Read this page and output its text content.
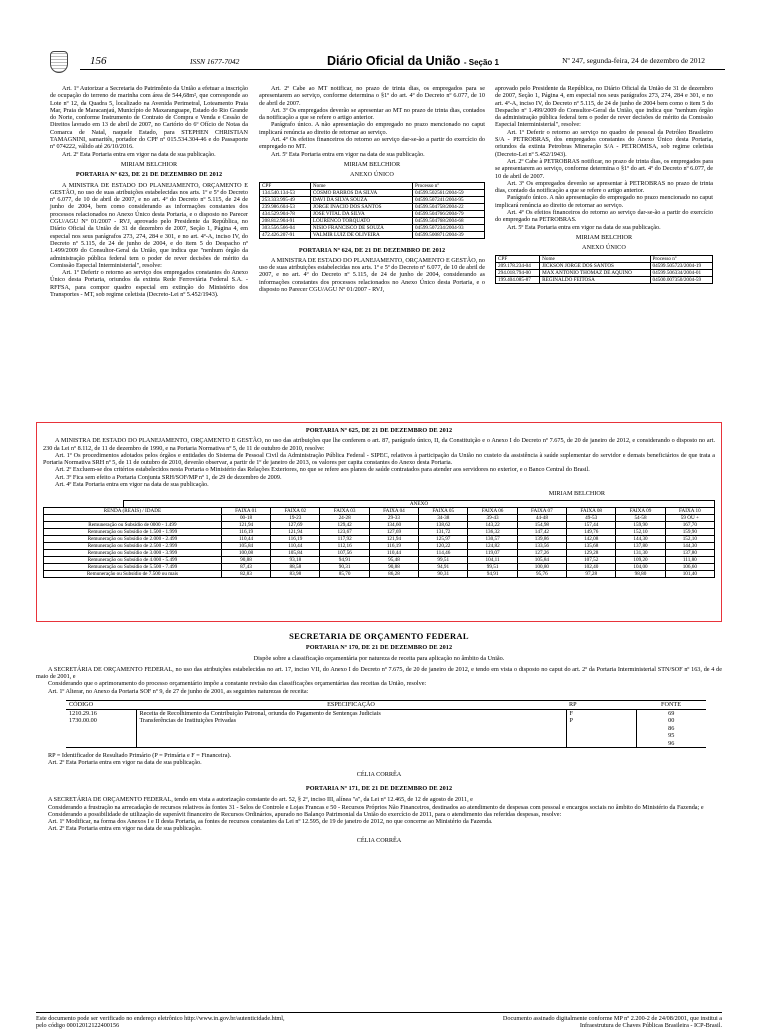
156	ISSN 1677-7042	Diário Oficial da União - Seção 1	Nº 247, segunda-feira, 24 de dezembro de 2012

Art. 1º Autorizar a Secretaria do Patrimônio da União a efetuar a inscrição de ocupação do terreno de marinha com área de 544,68m², que corresponde ao Lote nº 12, da Quadra 5, localizado na Avenida Perimetral, Loteamento Praia Mar, Praia de Maracanjaú, Município de Maxaranguape, Estado do Rio Grande do Norte, conforme Instrumento de Contrato de Compra e Venda e Cessão de Direitos lavrado em 13 de abril de 2007, no Cartório do 6º Ofício de Notas da Comarca de Natal, naquele Estado, para STEPHEN CHRISTIAN TAMAGNINI, samaritês, portador do CPF nº 015.534.304-46 e do Passaporte nº 074222, válido até 26/10/2016.

Art. 2º Esta Portaria entra em vigor na data de sua publicação.

MIRIAM BELCHIOR
PORTARIA Nº 623, DE 21 DE DEZEMBRO DE 2012

A MINISTRA DE ESTADO DO PLANEJAMENTO, ORÇAMENTO E GESTÃO, no uso de suas atribuições estabelecidas nos arts. 1º e 5º do Decreto nº 6.077, de 10 de abril de 2007, e no art. 4º do Decreto nº 5.115, de 24 de junho de 2004, bem como considerando as informações constantes dos processos relacionados no Anexo Único desta Portaria, e o disposto no Parecer CGU/AGU Nº 01/2007 - RVJ, aprovado pelo Presidente da República, no Diário Oficial da União de 31 de dezembro de 2007, Seção 1, Página 4, em especial nos seus parágrafos 273, 274, 284 e 301, e no art. 4º-A, inciso IV, do Decreto nº 5.115, de 24 de junho de 2004, e do item 5 do Despacho nº 1.499/2009 do Consultor-Geral da União, que indica que "nenhum órgão da administração pública federal tem o poder de rever decisões de mérito da Comissão Especial Interministerial", resolve:

Art. 1º Deferir o retorno ao serviço dos empregados constantes do Anexo Único desta Portaria, oriundos da extinta Rede Ferroviária Federal S.A. - RFFSA, para compor quadro especial em extinção do Ministério dos Transportes - MT, sob regime celetista (Decreto-Lei nº 5.452/1943).

Art. 2º Cabe ao MT notificar, no prazo de trinta dias, os empregados para se apresentarem ao serviço, conforme determina o §1º do art. 4º do Decreto nº 6.077, de 10 de abril de 2007.

Art. 3º Os empregados deverão se apresentar ao MT no prazo de trinta dias, contados da notificação a que se refere o artigo anterior.

Parágrafo único. A não apresentação do empregado no prazo mencionado no caput implicará renúncia ao direito de retornar ao serviço.

Art. 4º Os efeitos financeiros do retorno ao serviço dar-se-ão a partir do exercício do empregado no MT.

Art. 5º Esta Portaria entra em vigor na data de sua publicação.

MIRIAM BELCHIOR
ANEXO ÚNICO
CPF	Nome	Processo nº
134.540.134-53	COSMO BARROS DA SILVA	04599.502561/2004-59
253.333.995-49	DAVI DA SILVA SOUZA	04599.507241/2004-95
239.986.604-53	JORGE INACIO DOS SANTOS	04599.504758/2004-22
434.529.904-78	JOSE VITAL DA SILVA	04599.504766/2004-79
208.812.904-91	LOURENCO TORQUATO	04599.504768/2004-68
303.556.566-04	NISIO FRANCISCO DE SOUZA	04599.507234/2004-93
472.426.207-91	VALMIR LUIZ DE OLIVEIRA	04599.500871/2004-39
PORTARIA Nº 624, DE 21 DE DEZEMBRO DE 2012

A MINISTRA DE ESTADO DO PLANEJAMENTO, ORÇAMENTO E GESTÃO, no uso de suas atribuições estabelecidas nos arts. 1º e 5º do Decreto nº 6.077, de 10 de abril de 2007, e no art. 4º do Decreto nº 5.115, de 24 de junho de 2004, considerando as informações constantes dos processos relacionados no Anexo Único desta Portaria, e o disposto no Parecer CGU/AGU Nº 01/2007 - RVJ,

aprovado pelo Presidente da República, no Diário Oficial da União de 31 de dezembro de 2007, Seção 1, Página 4, em especial nos seus parágrafos 273, 274, 284 e 301, e no art. 4º-A, inciso IV, do Decreto nº 5.115, de 24 de junho de 2004 bem como o item 5 do Despacho nº 1.499/2009 do Consultor-Geral da União, que indica que "nenhum órgão da administração pública federal tem o poder de rever decisões de mérito da Comissão Especial Interministerial", resolve:

Art. 1º Deferir o retorno ao serviço no quadro de pessoal da Petróleo Brasileiro S/A - PETROBRAS, dos empregados constantes do Anexo Único desta Portaria, oriundos da extinta Petrobras Mineração S/A - PETROMISA, sob regime celetista (Decreto-Lei nº 5.452/1943).

Art. 2º Cabe à PETROBRAS notificar, no prazo de trinta dias, os empregados para se apresentarem ao serviço, conforme determina o §1º do art. 4º do Decreto nº 6.077, de 10 de abril de 2007.

Art. 3º Os empregados deverão se apresentar à PETROBRAS no prazo de trinta dias, contado da notificação a que se refere o artigo anterior.

Parágrafo único. A não apresentação do empregado no prazo mencionado no caput implicará renúncia ao direito de retornar ao serviço.

Art. 4º Os efeitos financeiros do retorno ao serviço dar-se-ão a partir do exercício do empregado na PETROBRAS.

Art. 5º Esta Portaria entra em vigor na data de sua publicação.

MIRIAM BELCHIOR
ANEXO ÚNICO
CPF	Nome	Processo nº
209.178.234-04	JICKSON JORGE DOS SANTOS	04599.505723/2004-19
294.018.794-00	MAX ANTONIO THOMAZ DE AQUINO	04599.506334/2004-01
199.404.085-87	REGINALDO FEITOSA	04500.007350/2004-59
PORTARIA Nº 625, DE 21 DE DEZEMBRO DE 2012

A MINISTRA DE ESTADO DO PLANEJAMENTO, ORÇAMENTO E GESTÃO, no uso das atribuições que lhe conferem o art. 87, parágrafo único, II, da Constituição e o Anexo I do Decreto nº 7.675, de 20 de janeiro de 2012, e considerando o disposto no art. 230 da Lei nº 8.112, de 11 de dezembro de 1990, e na Portaria Normativa nº 5, de 11 de outubro de 2010, resolve:

Art. 1º Os procedimentos adotados pelos órgãos e entidades do Sistema de Pessoal Civil da Administração Pública Federal - SIPEC, relativos à participação da União no custeio da assistência à saúde suplementar do servidor e demais beneficiários de que trata a Portaria Normativa SRH nº 5, de 11 de outubro de 2010, deverão observar, a partir de 1º de janeiro de 2013, os valores per capita constantes do Anexo desta Portaria.

Art. 2º Excluem-se dos critérios estabelecidos nesta Portaria o Ministério das Relações Exteriores, no que se refere aos planos de saúde contratados para atender aos servidores no exterior, e o Banco Central do Brasil.

Art. 3º Fica sem efeito a Portaria Conjunta SRH/SOF/MP nº 1, de 29 de dezembro de 2009.

Art. 4º Esta Portaria entra em vigor na data de sua publicação.

MIRIAM BELCHIOR
ANEXO
RENDA (REAIS) / IDADE	FAIXA 01	FAIXA 02	FAIXA 03	FAIXA 04	FAIXA 05	FAIXA 06	FAIXA 07	FAIXA 08	FAIXA 09	FAIXA 10
	00-18	19-23	24-28	29-33	34-38	39-43	44-48	49-53	54-58	59 OU +
Remuneração ou Subsídio de 0000 - 1.499	121,94	127,69	129,42	134,60	138,62	143,22	154,98	157,44	159,90	167,70
Remuneração ou Subsídio de 1.500 - 1.999	116,19	121,94	123,67	127,69	131,72	136,32	147,42	149,76	152,10	159,90
Remuneração ou Subsídio de 2.000 - 2.499	110,44	116,19	117,92	121,94	125,97	130,57	139,86	142,08	144,30	152,10
Remuneração ou Subsídio de 2.500 - 2.999	105,84	110,44	112,16	116,19	120,22	124,82	133,56	135,68	137,80	144,30
Remuneração ou Subsídio de 3.000 - 3.999	100,08	105,84	107,56	110,44	114,46	119,07	127,26	129,28	131,30	137,80
Remuneração ou Subsídio de 4.000 - 5.499	90,88	93,18	94,91	95,48	99,51	104,11	105,84	107,52	109,20	111,80
Remuneração ou Subsídio de 5.500 - 7.499	87,43	88,58	90,31	90,88	94,91	99,51	100,80	102,40	104,00	106,60
Remuneração ou Subsídio de 7.500 ou mais	82,83	83,98	85,70	86,28	90,31	94,91	95,76	97,28	98,80	101,40
SECRETARIA DE ORÇAMENTO FEDERAL
PORTARIA Nº 170, DE 21 DE DEZEMBRO DE 2012
Dispõe sobre a classificação orçamentária por natureza de receita para aplicação no âmbito da União.

A SECRETÁRIA DE ORÇAMENTO FEDERAL, no uso das atribuições estabelecidas no art. 17, inciso VII, do Anexo I do Decreto nº 7.675, de 20 de janeiro de 2012, e tendo em vista o disposto no caput do art. 2º da Portaria Interministerial STN/SOF nº 163, de 4 de maio de 2001, e

Considerando que o aprimoramento do processo orçamentário impõe a constante revisão das classificações orçamentárias das receitas da União, resolve:

Art. 1º Alterar, no Anexo da Portaria SOF nº 9, de 27 de junho de 2001, as seguintes naturezas de receita:

CÓDIGO	ESPECIFICAÇÃO	RP	FONTE
1210.29.16	Receita de Recolhimento da Contribuição Patronal, oriunda do Pagamento de Sentenças Judiciais	F	69
1730.00.00	Transferências de Instituições Privadas	P	00
			86
			95
			96

RP = Identificador de Resultado Primário (P = Primária e F = Financeira).

Art. 2º Esta Portaria entra em vigor na data de sua publicação.

CÉLIA CORRÊA
PORTARIA Nº 171, DE 21 DE DEZEMBRO DE 2012

A SECRETÁRIA DE ORÇAMENTO FEDERAL, tendo em vista a autorização constante do art. 52, § 2º, inciso III, alínea "a", da Lei nº 12.465, de 12 de agosto de 2011, e

Considerando a frustração na arrecadação de recursos relativos às fontes 31 - Selos de Controle e Lojas Francas e 50 - Recursos Próprios Não Financeiros, destinados ao atendimento de despesas com pessoal e encargos sociais no âmbito do Ministério da Fazenda; e

Considerando a possibilidade de utilização de superávit financeiro de Recursos Ordinários, apurado no Balanço Patrimonial da União do exercício de 2011, para o atendimento das referidas despesas, resolve:

Art. 1º Modificar, na forma dos Anexos I e II desta Portaria, as fontes de recursos constantes da Lei nº 12.595, de 19 de janeiro de 2012, no que concerne ao Ministério da Fazenda.

Art. 2º Esta Portaria entra em vigor na data de sua publicação.

CÉLIA CORRÊA
Este documento pode ser verificado no endereço eletrônico http://www.in.gov.br/autenticidade.html,
pelo código 00012012122400156
Documento assinado digitalmente conforme MP nº 2.200-2 de 24/08/2001, que institui a
Infraestrutura de Chaves Públicas Brasileira - ICP-Brasil.
